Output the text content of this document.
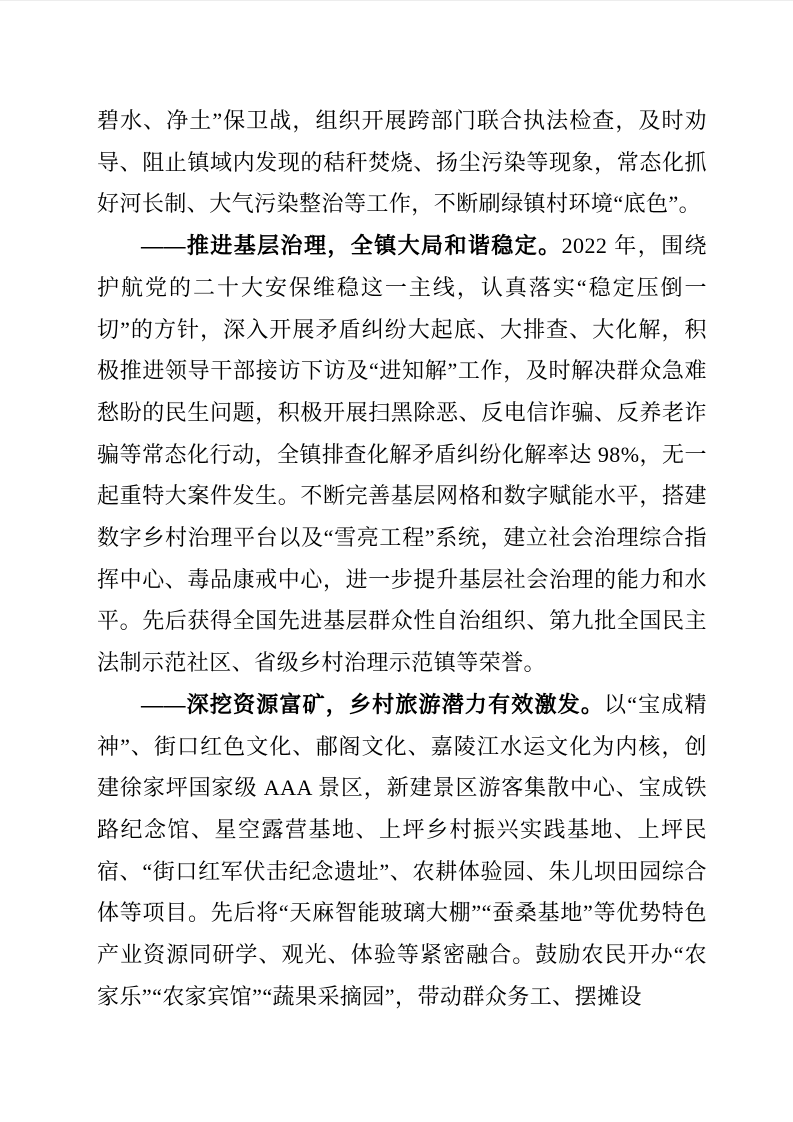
碧水、净土”保卫战，组织开展跨部门联合执法检查，及时劝导、阻止镇域内发现的秸秆焚烧、扬尘污染等现象，常态化抓好河长制、大气污染整治等工作，不断刷绿镇村环境“底色”。

——推进基层治理，全镇大局和谐稳定。2022 年，围绕护航党的二十大安保维稳这一主线，认真落实“稳定压倒一切”的方针，深入开展矛盾纠纷大起底、大排查、大化解，积极推进领导干部接访下访及“进知解”工作，及时解决群众急难愁盼的民生问题，积极开展扫黑除恶、反电信诈骗、反养老诈骗等常态化行动，全镇排查化解矛盾纠纷化解率达 98%，无一起重特大案件发生。不断完善基层网格和数字赋能水平，搭建数字乡村治理平台以及“雪亮工程”系统，建立社会治理综合指挥中心、毒品康戒中心，进一步提升基层社会治理的能力和水平。先后获得全国先进基层群众性自治组织、第九批全国民主法制示范社区、省级乡村治理示范镇等荣誉。

——深挖资源富矿，乡村旅游潜力有效激发。以“宝成精神”、街口红色文化、郙阁文化、嘉陵江水运文化为内核，创建徐家坪国家级 AAA 景区，新建景区游客集散中心、宝成铁路纪念馆、星空露营基地、上坪乡村振兴实践基地、上坪民宿、“街口红军伏击纪念遗址”、农耕体验园、朱儿坝田园综合体等项目。先后将“天麻智能玻璃大棚”“蚕桑基地”等优势特色产业资源同研学、观光、体验等紧密融合。鼓励农民开办“农家乐”“农家宾馆”“蔬果采摘园”，带动群众务工、摆摊设
